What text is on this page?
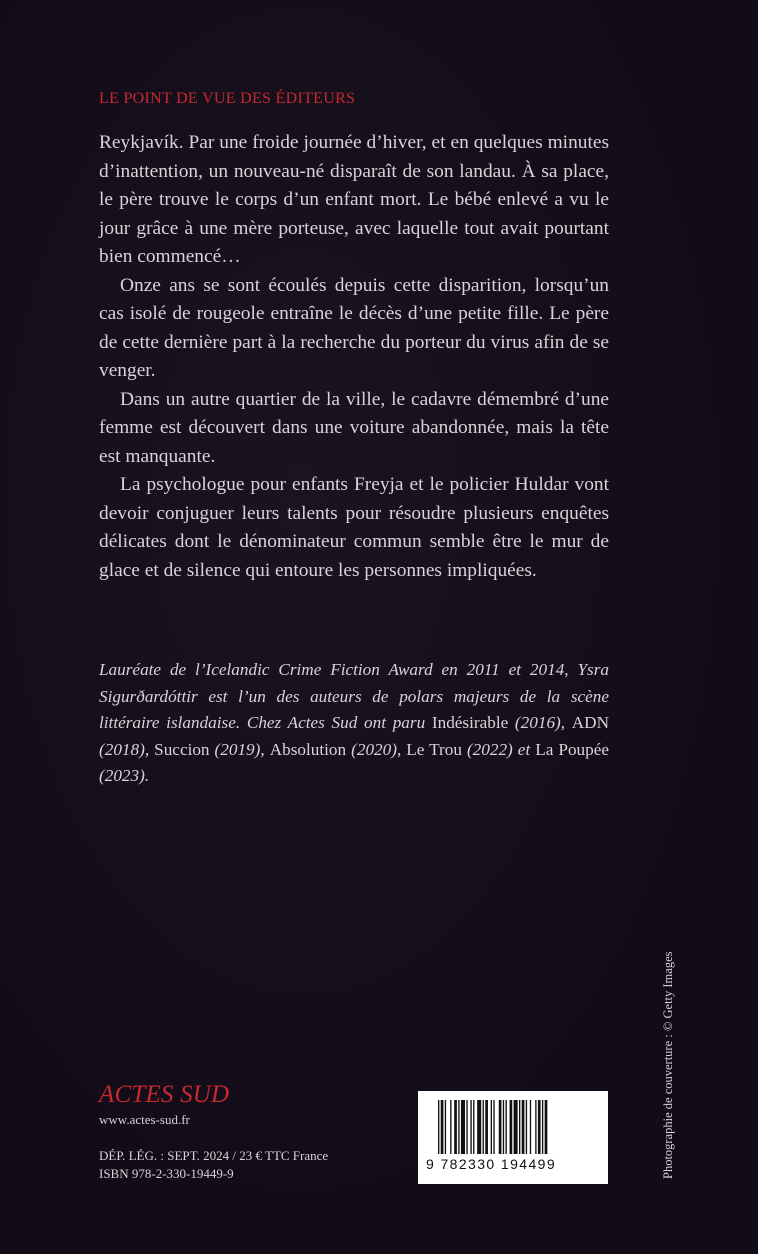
LE POINT DE VUE DES ÉDITEURS

Reykjavík. Par une froide journée d’hiver, et en quelques minutes d’inattention, un nouveau-né disparaît de son landau. À sa place, le père trouve le corps d’un enfant mort. Le bébé enlevé a vu le jour grâce à une mère porteuse, avec laquelle tout avait pourtant bien commencé…

Onze ans se sont écoulés depuis cette disparition, lorsqu’un cas isolé de rougeole entraîne le décès d’une petite fille. Le père de cette dernière part à la recherche du porteur du virus afin de se venger.

Dans un autre quartier de la ville, le cadavre démembré d’une femme est découvert dans une voiture abandonnée, mais la tête est manquante.

La psychologue pour enfants Freyja et le policier Huldar vont devoir conjuguer leurs talents pour résoudre plusieurs enquêtes délicates dont le dénominateur commun semble être le mur de glace et de silence qui entoure les personnes impliquées.

Lauréate de l’Icelandic Crime Fiction Award en 2011 et 2014, Ysra Sigurðardóttir est l’un des auteurs de polars majeurs de la scène littéraire islandaise. Chez Actes Sud ont paru Indésirable (2016), ADN (2018), Succion (2019), Absolution (2020), Le Trou (2022) et La Poupée (2023).
ACTES SUD
www.actes-sud.fr
DÉP. LÉG. : SEPT. 2024 / 23 € TTC France
ISBN 978-2-330-19449-9
9 782330 194499	Photographie de couverture : © Getty Images
